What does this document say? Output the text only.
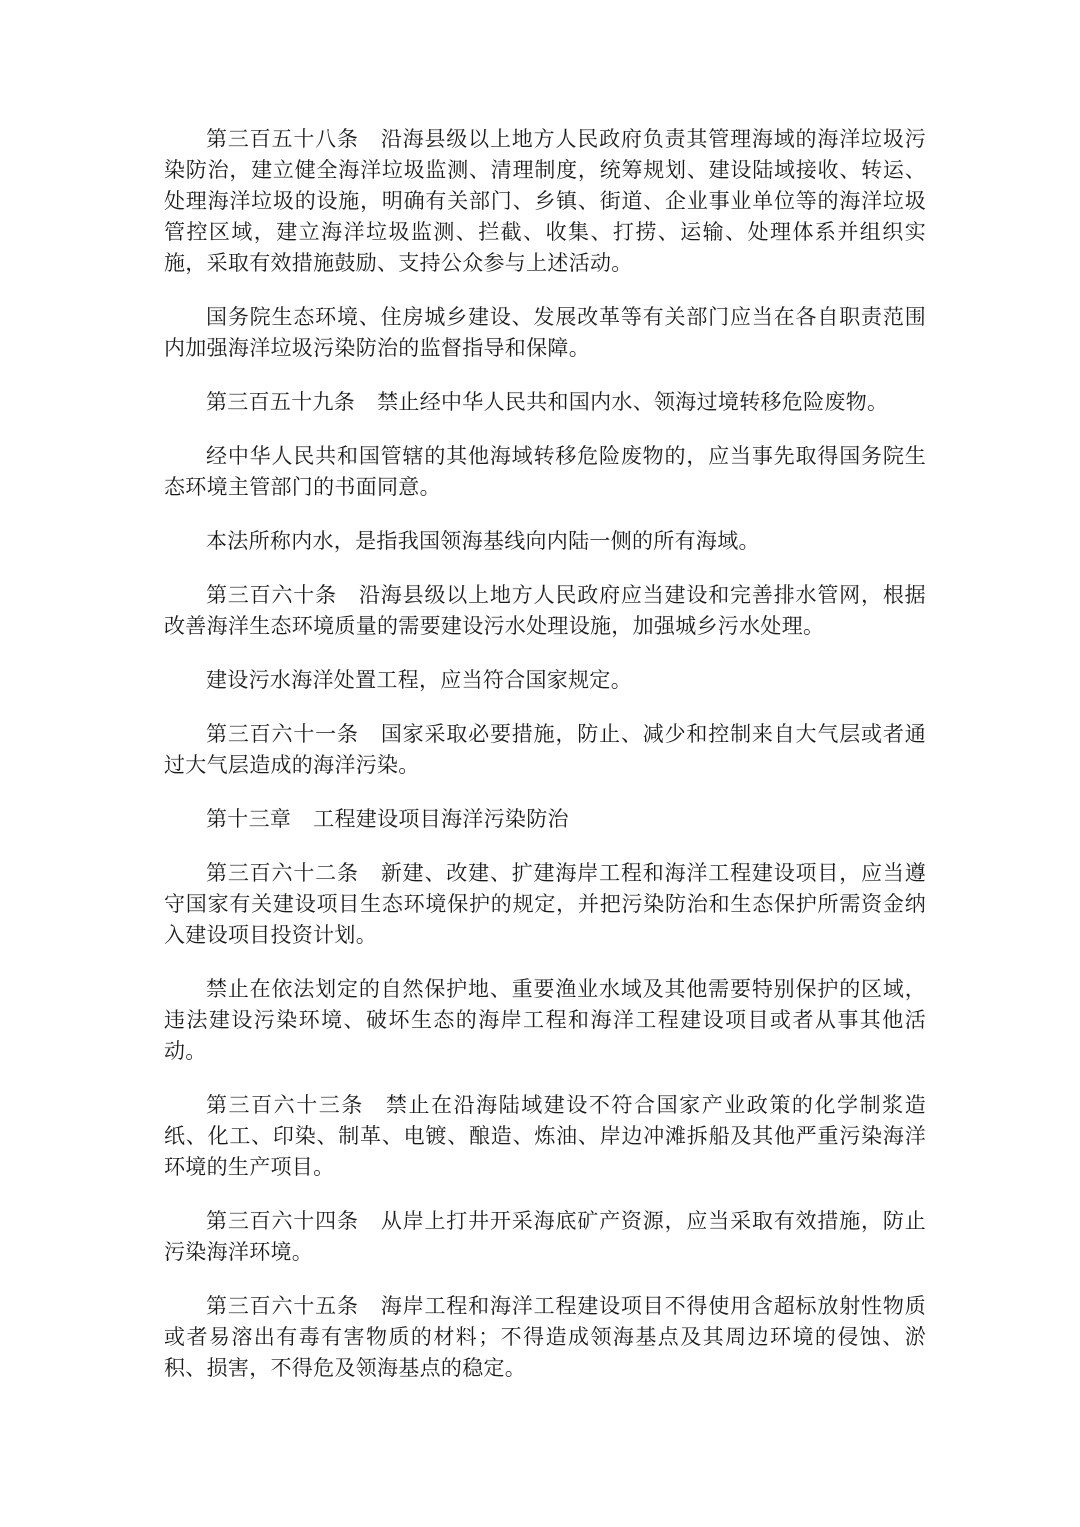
第三百五十八条 沿海县级以上地方人民政府负责其管理海域的海洋垃圾污染防治，建立健全海洋垃圾监测、清理制度，统筹规划、建设陆域接收、转运、处理海洋垃圾的设施，明确有关部门、乡镇、街道、企业事业单位等的海洋垃圾管控区域，建立海洋垃圾监测、拦截、收集、打捞、运输、处理体系并组织实施，采取有效措施鼓励、支持公众参与上述活动。

国务院生态环境、住房城乡建设、发展改革等有关部门应当在各自职责范围内加强海洋垃圾污染防治的监督指导和保障。

第三百五十九条 禁止经中华人民共和国内水、领海过境转移危险废物。

经中华人民共和国管辖的其他海域转移危险废物的，应当事先取得国务院生态环境主管部门的书面同意。

本法所称内水，是指我国领海基线向内陆一侧的所有海域。

第三百六十条 沿海县级以上地方人民政府应当建设和完善排水管网，根据改善海洋生态环境质量的需要建设污水处理设施，加强城乡污水处理。

建设污水海洋处置工程，应当符合国家规定。

第三百六十一条 国家采取必要措施，防止、减少和控制来自大气层或者通过大气层造成的海洋污染。

第十三章 工程建设项目海洋污染防治

第三百六十二条 新建、改建、扩建海岸工程和海洋工程建设项目，应当遵守国家有关建设项目生态环境保护的规定，并把污染防治和生态保护所需资金纳入建设项目投资计划。

禁止在依法划定的自然保护地、重要渔业水域及其他需要特别保护的区域，违法建设污染环境、破坏生态的海岸工程和海洋工程建设项目或者从事其他活动。

第三百六十三条 禁止在沿海陆域建设不符合国家产业政策的化学制浆造纸、化工、印染、制革、电镀、酿造、炼油、岸边冲滩拆船及其他严重污染海洋环境的生产项目。

第三百六十四条 从岸上打井开采海底矿产资源，应当采取有效措施，防止污染海洋环境。

第三百六十五条 海岸工程和海洋工程建设项目不得使用含超标放射性物质或者易溶出有毒有害物质的材料；不得造成领海基点及其周边环境的侵蚀、淤积、损害，不得危及领海基点的稳定。
